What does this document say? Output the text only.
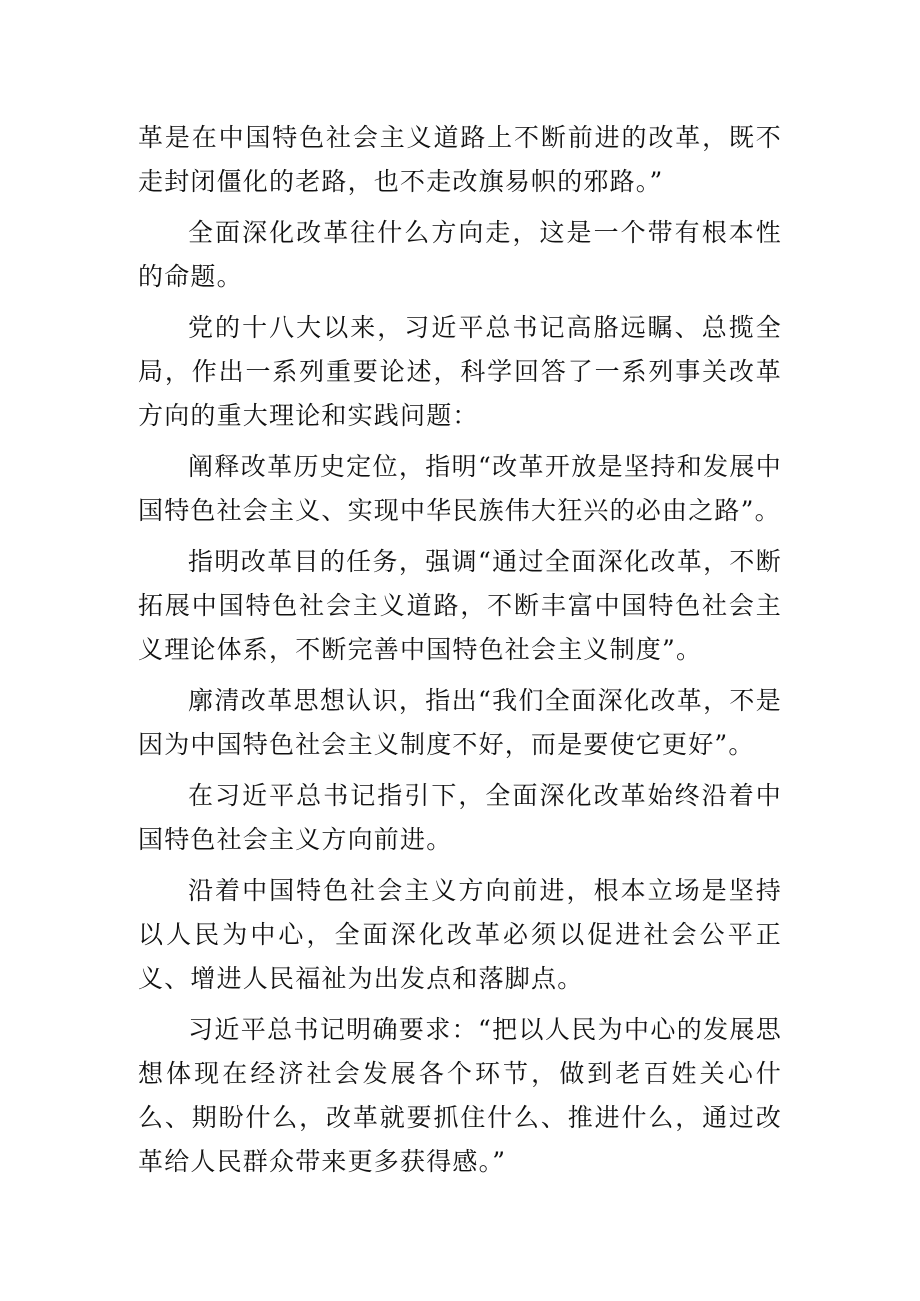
革是在中国特色社会主义道路上不断前进的改革，既不走封闭僵化的老路，也不走改旗易帜的邪路。”

全面深化改革往什么方向走，这是一个带有根本性的命题。

党的十八大以来，习近平总书记高胳远瞩、总揽全局，作出一系列重要论述，科学回答了一系列事关改革方向的重大理论和实践问题：

阐释改革历史定位，指明“改革开放是坚持和发展中国特色社会主义、实现中华民族伟大狂兴的必由之路”。

指明改革目的任务，强调“通过全面深化改革，不断拓展中国特色社会主义道路，不断丰富中国特色社会主义理论体系，不断完善中国特色社会主义制度”。

廓清改革思想认识，指出“我们全面深化改革，不是因为中国特色社会主义制度不好，而是要使它更好”。

在习近平总书记指引下，全面深化改革始终沿着中国特色社会主义方向前进。

沿着中国特色社会主义方向前进，根本立场是坚持以人民为中心，全面深化改革必须以促进社会公平正义、增进人民福祉为出发点和落脚点。

习近平总书记明确要求：“把以人民为中心的发展思想体现在经济社会发展各个环节，做到老百姓关心什么、期盼什么，改革就要抓住什么、推进什么，通过改革给人民群众带来更多获得感。”
